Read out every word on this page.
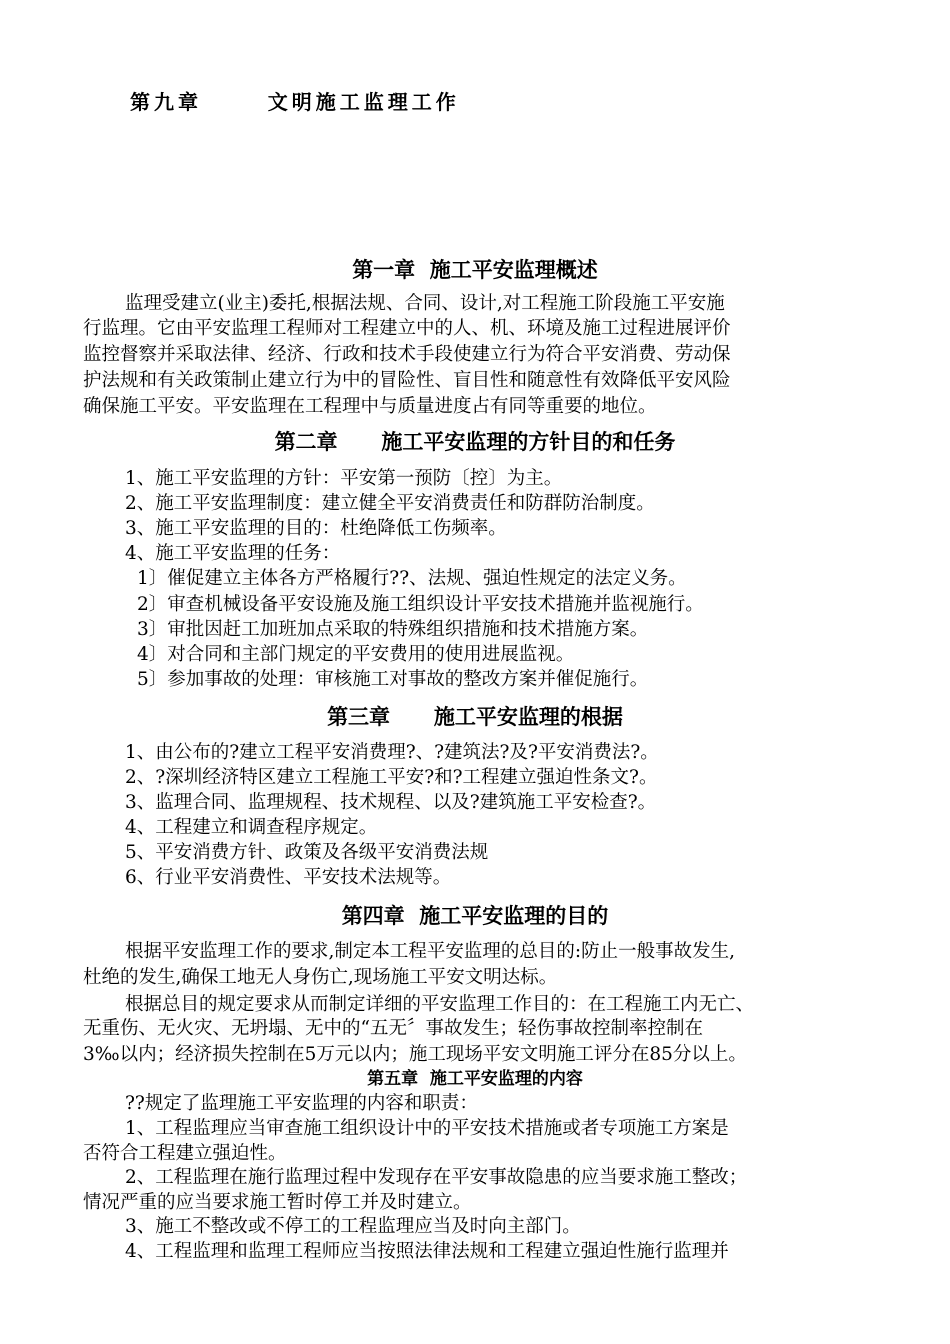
第九章      文明施工监理工作
第一章  施工平安监理概述
监理受建立(业主)委托,根据法规、合同、设计,对工程施工阶段施工平安施
行监理。它由平安监理工程师对工程建立中的人、机、环境及施工过程进展评价
监控督察并采取法律、经济、行政和技术手段使建立行为符合平安消费、劳动保
护法规和有关政策制止建立行为中的冒险性、盲目性和随意性有效降低平安风险
确保施工平安。平安监理在工程理中与质量进度占有同等重要的地位。
第二章      施工平安监理的方针目的和任务
1、施工平安监理的方针：平安第一预防〔控〕为主。
2、施工平安监理制度：建立健全平安消费责任和防群防治制度。
3、施工平安监理的目的：杜绝降低工伤频率。
4、施工平安监理的任务：
1〕催促建立主体各方严格履行??、法规、强迫性规定的法定义务。
2〕审查机械设备平安设施及施工组织设计平安技术措施并监视施行。
3〕审批因赶工加班加点采取的特殊组织措施和技术措施方案。
4〕对合同和主部门规定的平安费用的使用进展监视。
5〕参加事故的处理：审核施工对事故的整改方案并催促施行。
第三章      施工平安监理的根据
1、由公布的?建立工程平安消费理?、?建筑法?及?平安消费法?。
2、?深圳经济特区建立工程施工平安?和?工程建立强迫性条文?。
3、监理合同、监理规程、技术规程、以及?建筑施工平安检查?。
4、工程建立和调查程序规定。
5、平安消费方针、政策及各级平安消费法规
6、行业平安消费性、平安技术法规等。
第四章  施工平安监理的目的
根据平安监理工作的要求,制定本工程平安监理的总目的:防止一般事故发生,
杜绝的发生,确保工地无人身伤亡,现场施工平安文明达标。
根据总目的规定要求从而制定详细的平安监理工作目的：在工程施工内无亡、
无重伤、无火灾、无坍塌、无中的“五无〞事故发生；轻伤事故控制率控制在
3‰以内；经济损失控制在5万元以内；施工现场平安文明施工评分在85分以上。
第五章  施工平安监理的内容
??规定了监理施工平安监理的内容和职责：
1、工程监理应当审查施工组织设计中的平安技术措施或者专项施工方案是
否符合工程建立强迫性。
2、工程监理在施行监理过程中发现存在平安事故隐患的应当要求施工整改；
情况严重的应当要求施工暂时停工并及时建立。
3、施工不整改或不停工的工程监理应当及时向主部门。
4、工程监理和监理工程师应当按照法律法规和工程建立强迫性施行监理并
